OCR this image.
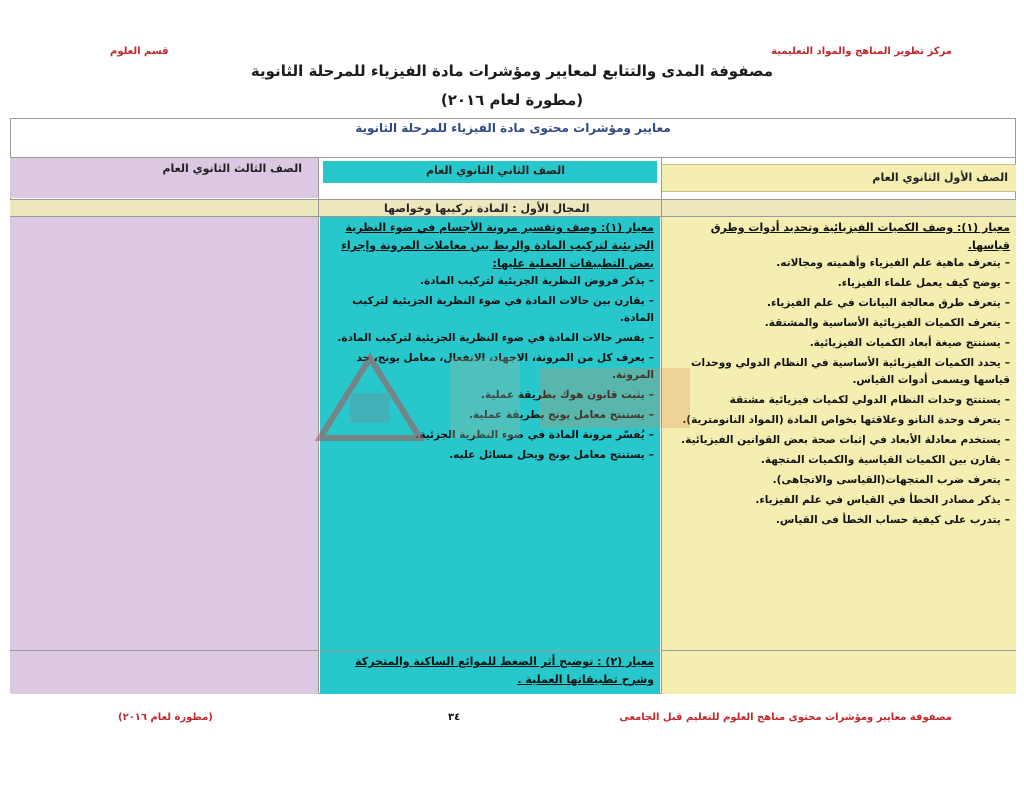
مركز تطوير المناهج والمواد التعليمية
قسم العلوم
مصفوفة المدى والتتابع لمعايير ومؤشرات مادة الفيزياء للمرحلة الثانوية
(مطورة لعام ٢٠١٦)
معايير ومؤشرات محتوى مادة الفيزياء للمرحلة الثانوية
الصف الثالث الثانوي العام	الصف الثاني الثانوي العام
الصف الأول الثانوي العام
المجال الأول : المادة تركيبها وخواصها
معيار (١): وصف وتفسير مرونة الأجسام في ضوء النظرية الجزيئية لتركيب المادة والربط بين معاملات المرونة وإجراء بعض التطبيقات العملية عليها:
–يذكر فروض النظرية الجزيئية لتركيب المادة.
–يقارن بين حالات المادة في ضوء النظرية الجزيئية لتركيب المادة.
–يفسر حالات المادة في ضوء النظرية الجزيئية لتركيب المادة.
–يعرف كل من المرونة، الاجهاد، الانفعال، معامل يونج، حد المرونة.
–يثبت قانون هوك بطريقة عملية.
–يستنتج معامل يونج بطريقة عملية.
–يُفسّر مرونة المادة في ضوء النظرية الجزئية.
–يستنتج معامل يونج ويحل مسائل عليه.
معيار (١): وصف الكميات الفيزيائية وتحديد أدوات وطرق قياسها.
–يتعرف ماهية علم الفيزياء وأهميته ومجالاته.
–يوضح كيف يعمل علماء الفيزياء.
–يتعرف طرق معالجة البيانات في علم الفيزياء.
–يتعرف الكميات الفيزيائية الأساسية والمشتقة.
–يستنتج صيغة أبعاد الكميات الفيزيائية.
–يحدد الكميات الفيزيائية الأساسية في النظام الدولي ووحدات قياسها ويسمى أدوات القياس.
–يستنتج وحدات النظام الدولي لكميات فيزيائية مشتقة
–يتعرف وحدة النانو وعلاقتها بخواص المادة (المواد النانومترية).
–يستخدم معادلة الأبعاد في إثبات صحة بعض القوانين الفيزيائية.
–يقارن بين الكميات القياسية والكميات المتجهة.
–يتعرف ضرب المتجهات(القياسى والاتجاهى).
–يذكر مصادر الخطأ في القياس في علم الفيزياء.
–يتدرب على كيفية حساب الخطأ فى القياس.
معيار (٢) : توضيح أثر الضغط للموائع الساكنة والمتحركة وشرح تطبيقاتها العملية .
مصفوفة معايير ومؤشرات محتوى مناهج العلوم للتعليم قبل الجامعى
٣٤
(مطورة لعام ٢٠١٦)
